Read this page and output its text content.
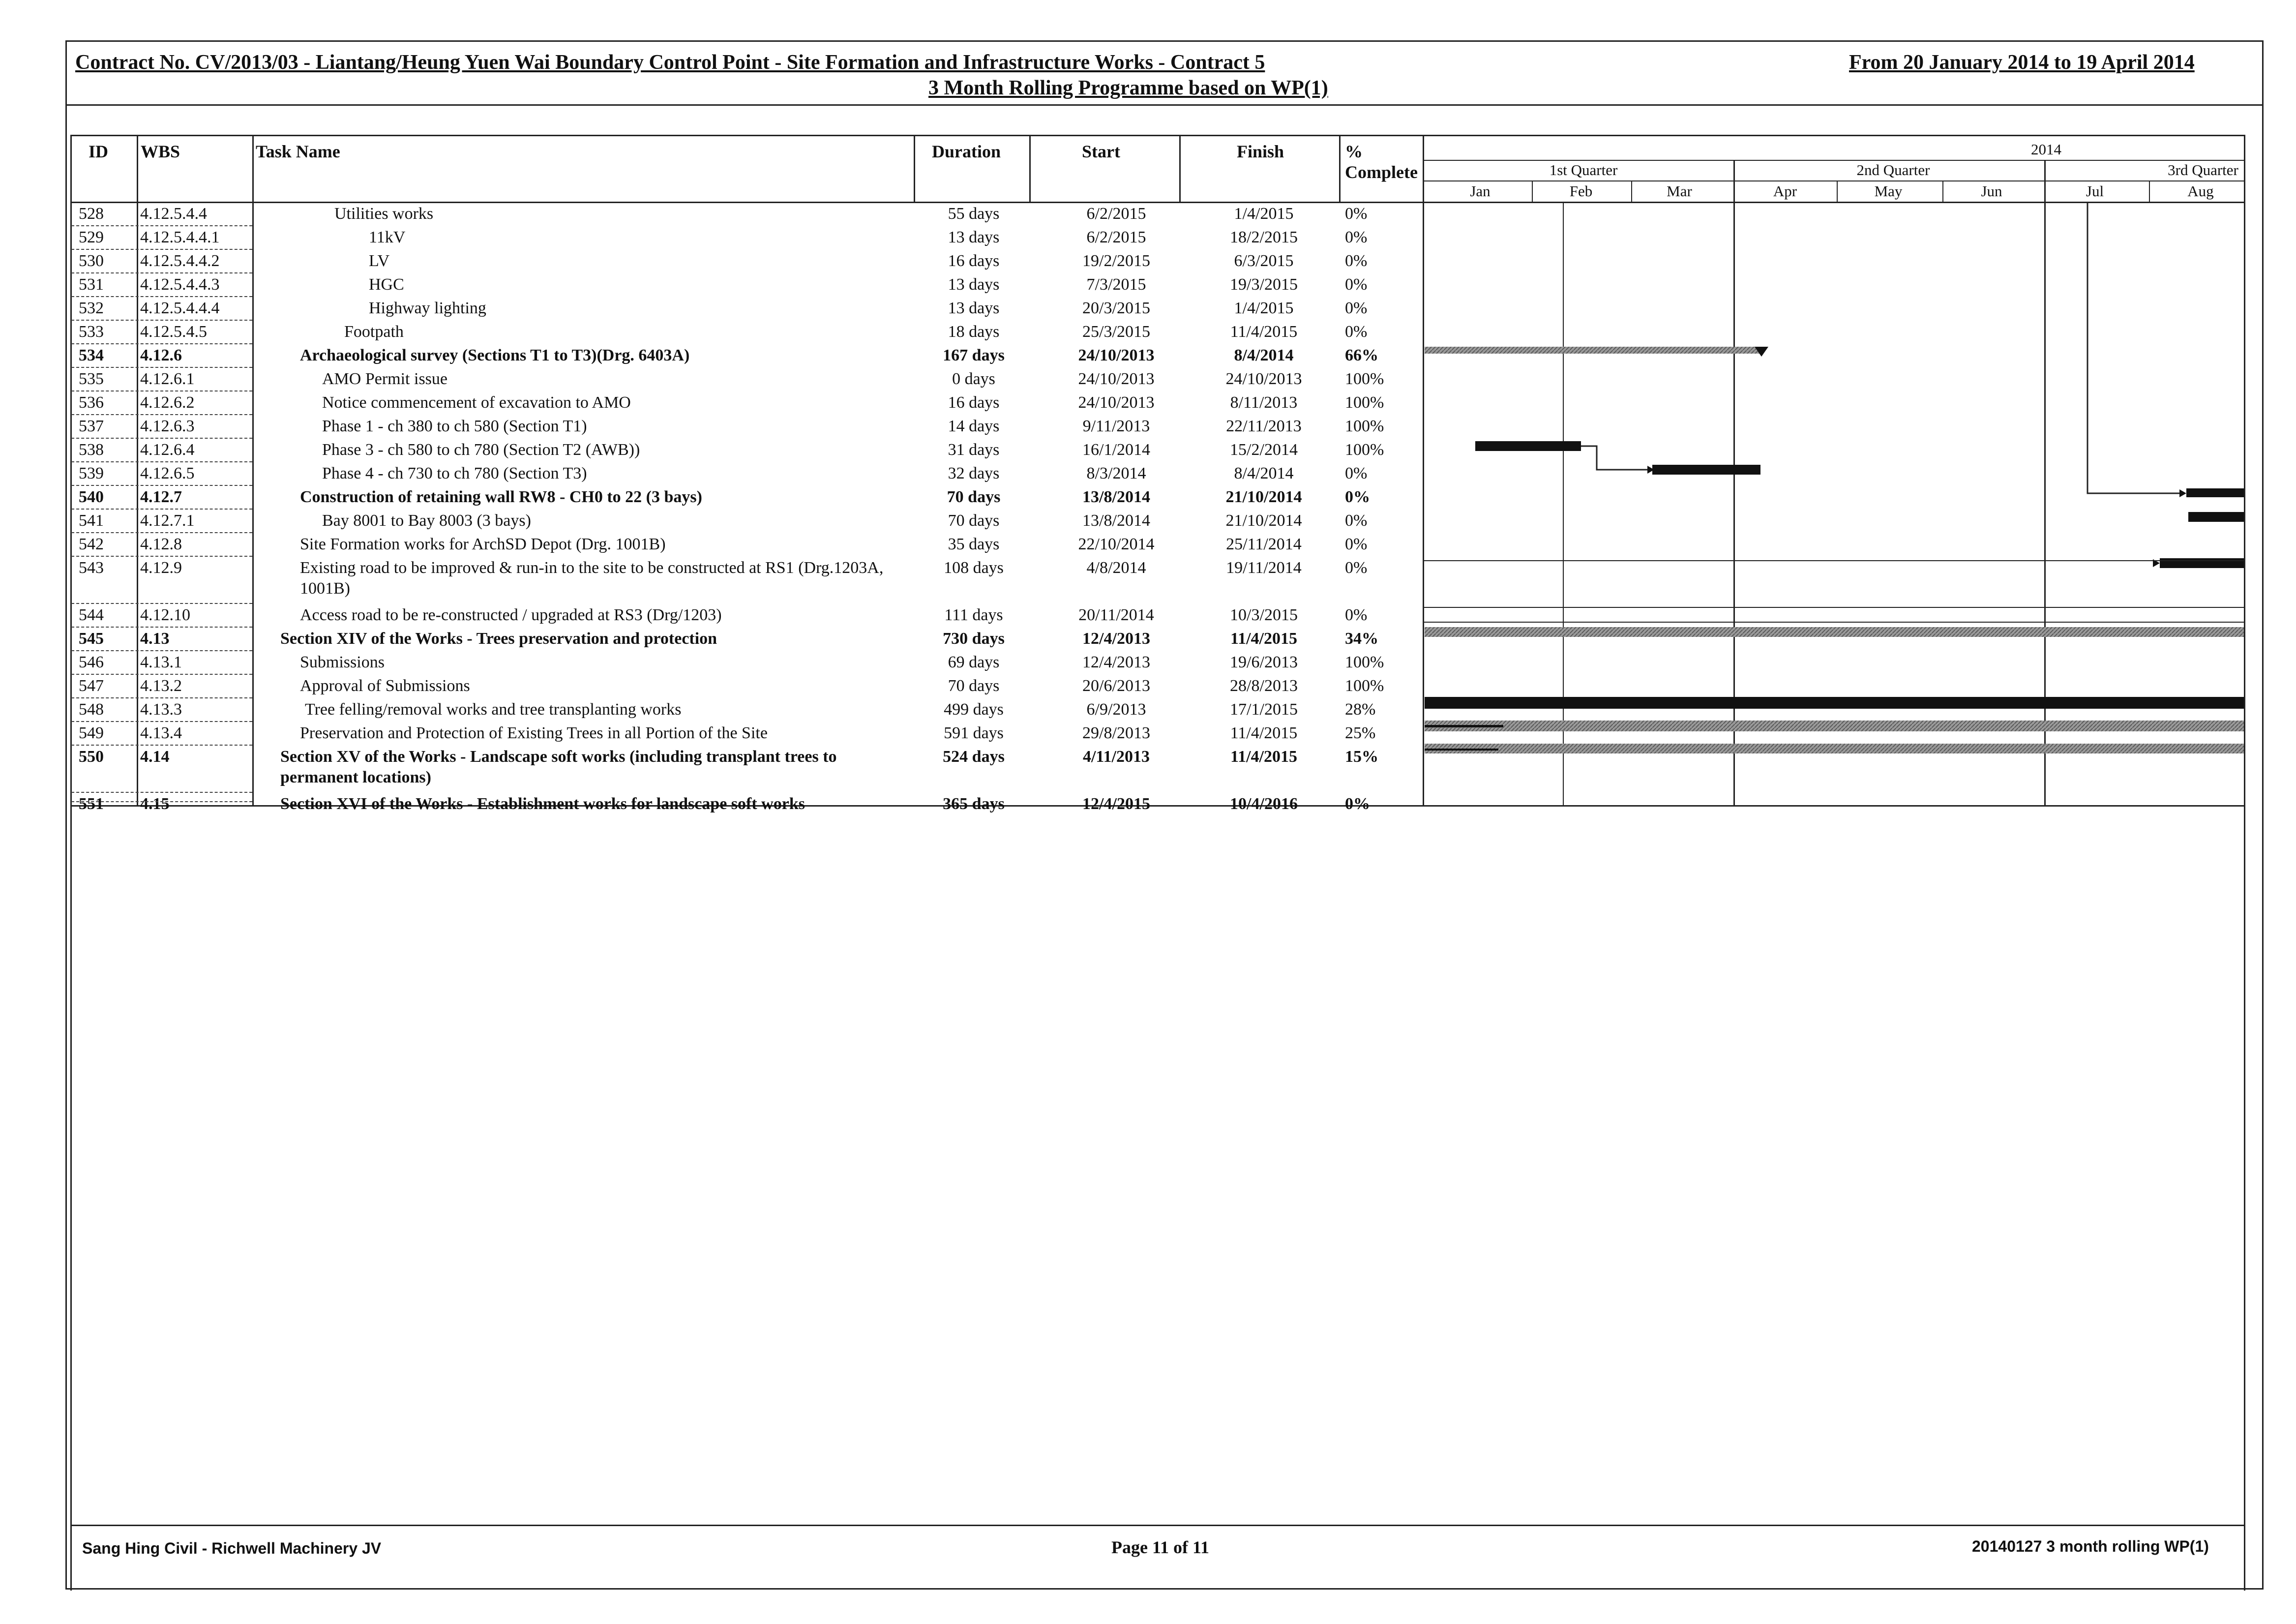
Contract No. CV/2013/03 - Liantang/Heung Yuen Wai Boundary Control Point - Site Formation and Infrastructure Works - Contract 5
3 Month Rolling Programme based on WP(1)
From 20 January 2014 to 19 April 2014
ID WBS	Task Name	Duration	Start	Finish	%
Complete
2014
1st Quarter	2nd Quarter	3rd Quarter
Jan	Feb	Mar	Apr	May	Jun	Jul	Aug
528 4.12.5.4.4	Utilities works	55 days	6/2/2015	1/4/2015	0%
529 4.12.5.4.4.1	11kV	13 days	6/2/2015	18/2/2015	0%
530 4.12.5.4.4.2	LV	16 days	19/2/2015	6/3/2015	0%
531 4.12.5.4.4.3	HGC	13 days	7/3/2015	19/3/2015	0%
532 4.12.5.4.4.4	Highway lighting	13 days	20/3/2015	1/4/2015	0%
533 4.12.5.4.5	Footpath	18 days	25/3/2015	11/4/2015	0%
534 4.12.6	Archaeological survey (Sections T1 to T3)(Drg. 6403A)	167 days	24/10/2013	8/4/2014	66%
535 4.12.6.1	AMO Permit issue	0 days	24/10/2013	24/10/2013	100%
536 4.12.6.2	Notice commencement of excavation to AMO	16 days	24/10/2013	8/11/2013	100%
537 4.12.6.3	Phase 1 - ch 380 to ch 580 (Section T1)	14 days	9/11/2013	22/11/2013	100%
538 4.12.6.4	Phase 3 - ch 580 to ch 780 (Section T2 (AWB))	31 days	16/1/2014	15/2/2014	100%
539 4.12.6.5	Phase 4 - ch 730 to ch 780 (Section T3)	32 days	8/3/2014	8/4/2014	0%
540 4.12.7	Construction of retaining wall RW8 - CH0 to 22 (3 bays)	70 days	13/8/2014	21/10/2014	0%
541 4.12.7.1	Bay 8001 to Bay 8003 (3 bays)	70 days	13/8/2014	21/10/2014	0%
542 4.12.8	Site Formation works for ArchSD Depot (Drg. 1001B)	35 days	22/10/2014	25/11/2014	0%
543 4.12.9	Existing road to be improved & run-in to the site to be constructed at RS1 (Drg.1203A, 1001B)
108 days	4/8/2014	19/11/2014	0%
544 4.12.10	Access road to be re-constructed / upgraded at RS3 (Drg/1203)	111 days	20/11/2014	10/3/2015	0%
545 4.13	Section XIV of the Works - Trees preservation and protection	730 days	12/4/2013	11/4/2015	34%
546 4.13.1	Submissions	69 days	12/4/2013	19/6/2013	100%
547 4.13.2	Approval of Submissions	70 days	20/6/2013	28/8/2013	100%
548 4.13.3	Tree felling/removal works and tree transplanting works	499 days	6/9/2013	17/1/2015	28%
549 4.13.4	Preservation and Protection of Existing Trees in all Portion of the Site	591 days	29/8/2013	11/4/2015	25%
550 4.14	Section XV of the Works - Landscape soft works (including transplant trees to permanent locations)
524 days	4/11/2013	11/4/2015	15%
551 4.15	Section XVI of the Works - Establishment works for landscape soft works	365 days	12/4/2015	10/4/2016	0%
Sang Hing Civil - Richwell Machinery JV	Page 11 of 11	20140127 3 month rolling WP(1)
